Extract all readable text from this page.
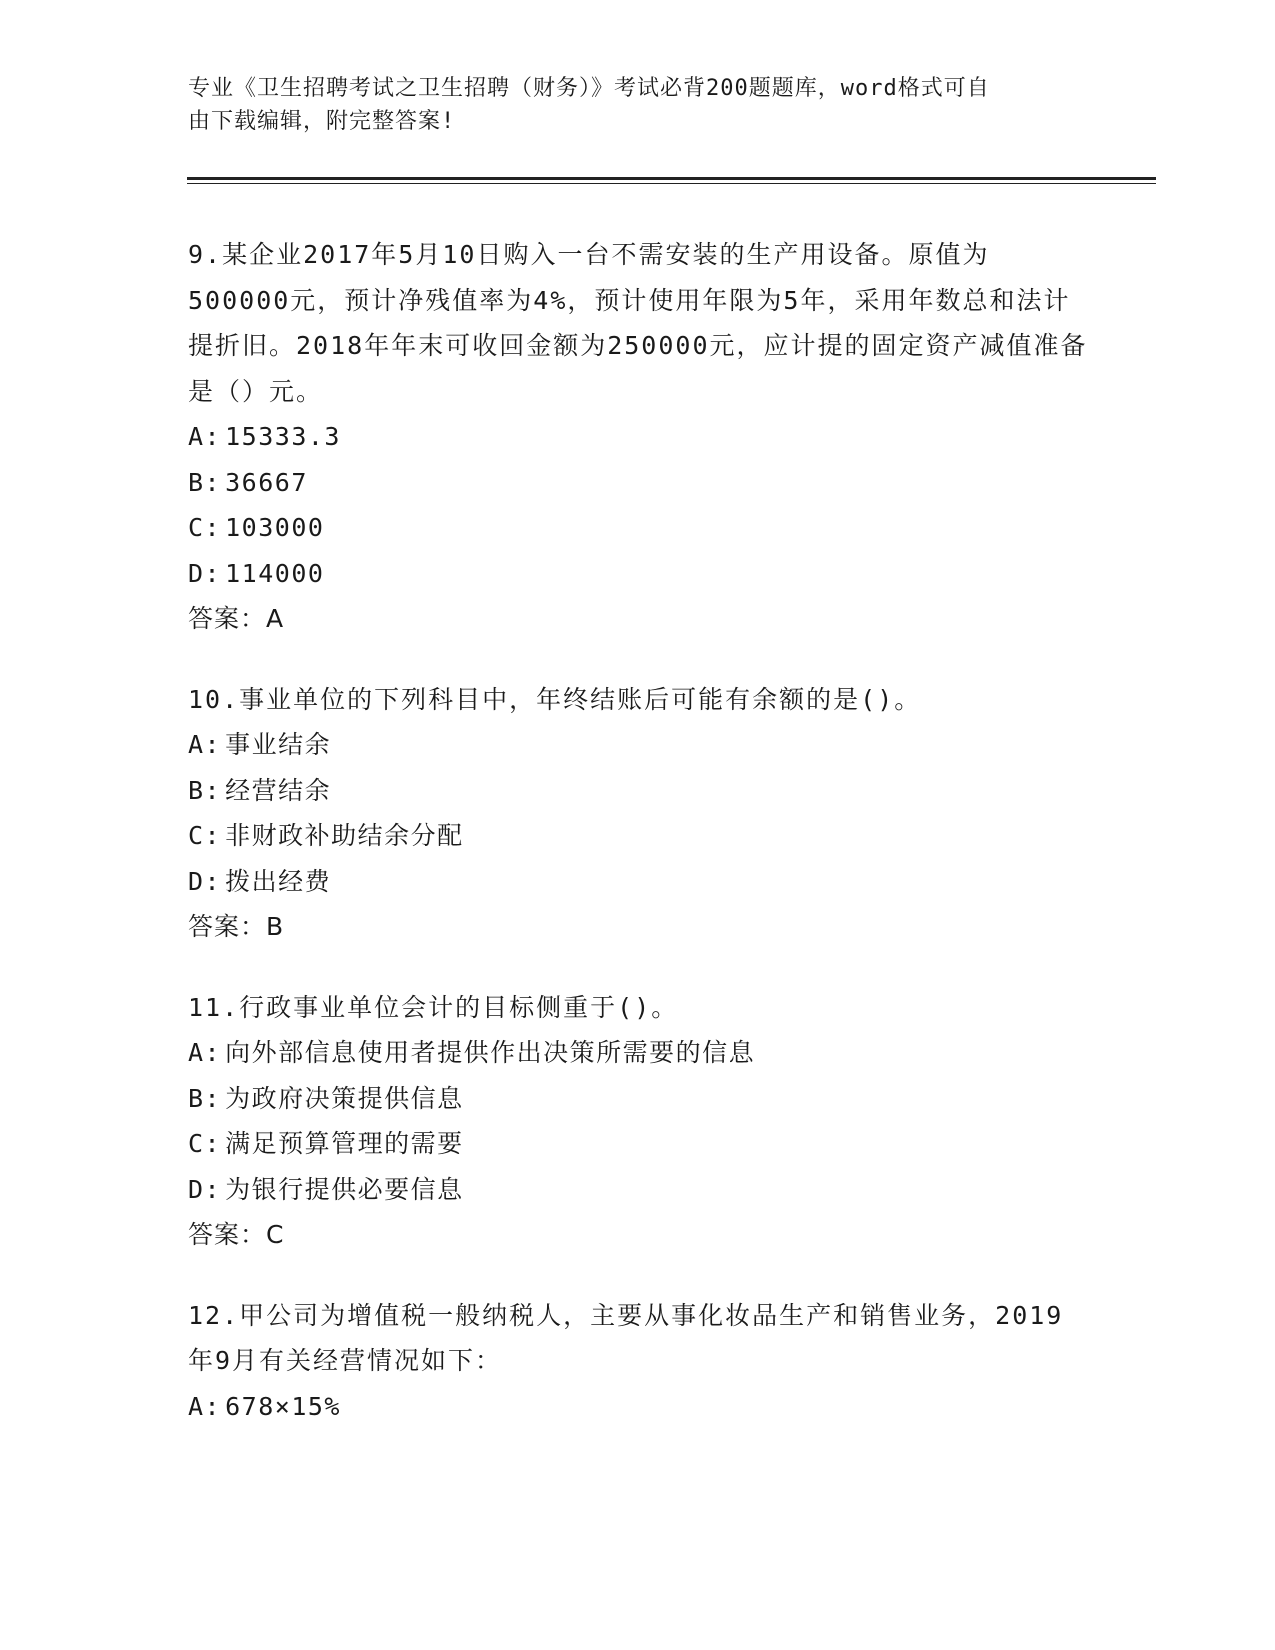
专业《卫生招聘考试之卫生招聘（财务）》考试必背200题题库，word格式可自
由下载编辑，附完整答案!
9.某企业2017年5月10日购入一台不需安装的生产用设备。原值为500000元，预计净残值率为4%，预计使用年限为5年，采用年数总和法计提折旧。2018年年末可收回金额为250000元，应计提的固定资产减值准备是（）元。
A: 15333.3
B: 36667
C: 103000
D: 114000
答案：A
10.事业单位的下列科目中，年终结账后可能有余额的是()。
A: 事业结余
B: 经营结余
C: 非财政补助结余分配
D: 拨出经费
答案：B
11.行政事业单位会计的目标侧重于()。
A: 向外部信息使用者提供作出决策所需要的信息
B: 为政府决策提供信息
C: 满足预算管理的需要
D: 为银行提供必要信息
答案：C
12.甲公司为增值税一般纳税人，主要从事化妆品生产和销售业务，2019年9月有关经营情况如下：
A: 678×15%
